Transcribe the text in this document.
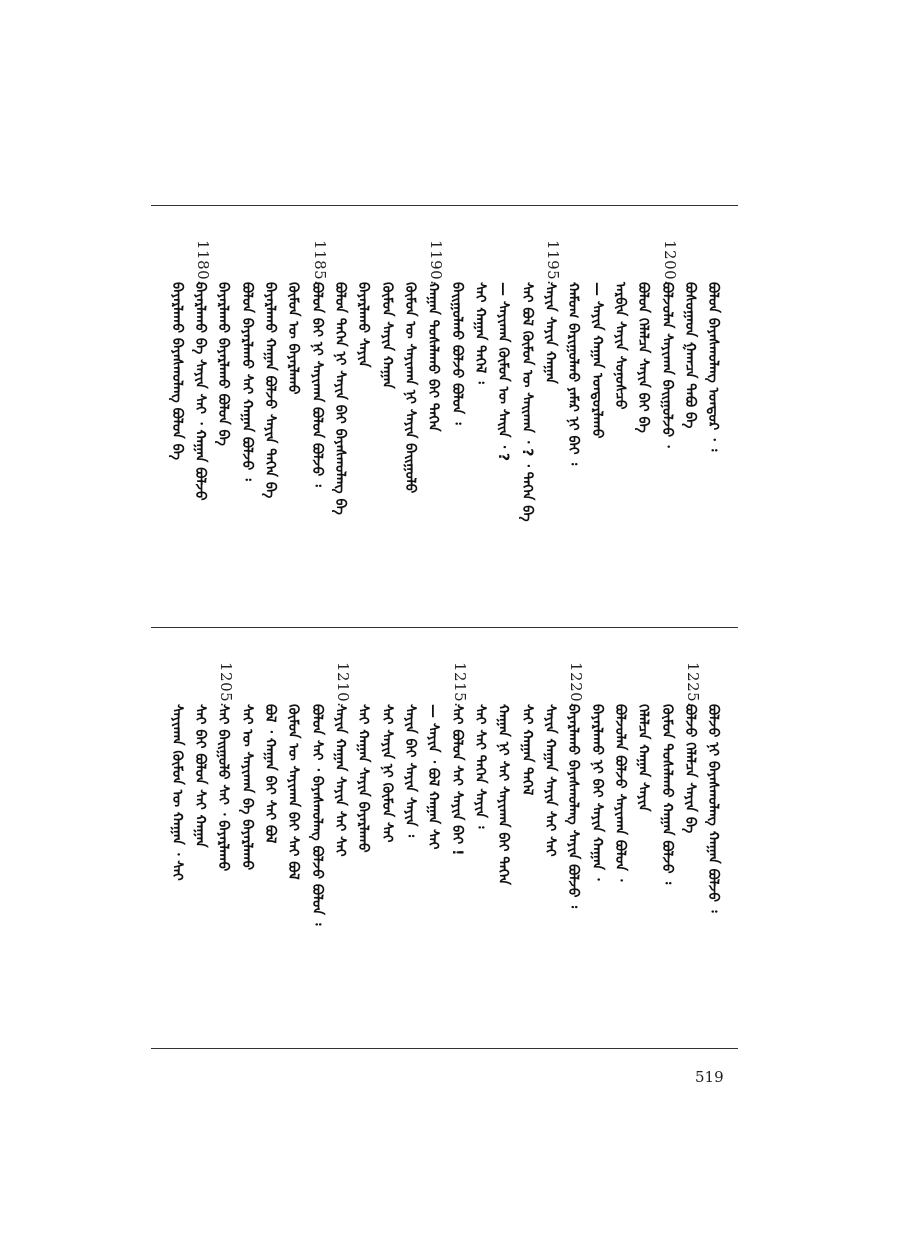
ᠪᠣᠯᠤᠨ ᠪᠠᠶᠠᠰᠬᠤᠯᠠᠩ ᠤᠨᠳᠤᠷ ᠂ ᠄
ᠪᠣᠰᠤᠭᠠᠳ ᠭᠠᠭᠴᠠ ᠲᠠᠪᠤ ᠪᠠ
1200.
ᠪᠣᠯᠵᠤᠯᠠᠨ ᠰᠠᠶᠢᠬᠠᠨ ᠪᠠᠢᠭᠤᠯᠵᠤ ᠂
ᠪᠣᠯᠤᠨ ᠬᠡᠯᠡᠯᠴᠡ ᠰᠠᠶᠢᠨ ᠪᠠᠢ ᠪᠡ
ᠠᠷᠪᠢᠨ ᠰᠠᠶᠢᠨ ᠰᠣᠨᠣᠰᠴᠤ
— ᠰᠠᠶᠢᠨ ᠬᠠᠭᠠᠨ ᠤᠨᠳᠤᠷᠯᠠᠬᠤ
ᠬᠠᠮᠤᠭ ᠪᠠᠷᠢᠭᠤᠯᠬᠤ ᠶᠠᠮᠠᠷ ᠨᠢ ᠪᠠᠢ ᠄
1195.
ᠰᠠᠶᠢᠨ ᠰᠠᠶᠢᠨ ᠬᠠᠭᠠᠨ
ᠰᠠᠢ ᠪᠣᠯ ᠬᠦᠮᠦᠨ ᠦ ᠰᠠᠢᠬᠠᠨ ᠂ ? ᠂ ᠲᠡᠭᠡᠨ ᠪᠠ
— ᠰᠠᠶᠢᠬᠠᠨ ᠬᠦᠮᠦᠨ ᠦ ᠰᠠᠢᠨ ᠂ ?
ᠰᠠᠢ ᠬᠠᠭᠠᠨ ᠲᠡᠭᠡᠯ ᠄
ᠪᠠᠢᠭᠤᠯᠬᠤ ᠪᠣᠯᠵᠤ ᠪᠣᠯᠤᠨ ᠄
1190.
ᠬᠠᠭᠠᠨ ᠲᠤᠰᠠᠯᠠᠬᠤ ᠪᠠᠢ ᠲᠡᠭᠡᠨ
ᠬᠦᠮᠦᠨ ᠦ ᠰᠠᠶᠢᠬᠠᠨ ᠨᠢ ᠰᠠᠶᠢᠨ ᠪᠠᠢᠭᠤᠯᠤ
ᠬᠦᠮᠦᠨ ᠰᠠᠶᠢᠨ ᠬᠠᠭᠠᠨ
ᠪᠠᠶᠠᠷᠯᠠᠬᠤ ᠰᠠᠶᠢᠨ
ᠪᠣᠯᠤᠨ ᠲᠡᠭᠡᠨ ᠨᠢ ᠰᠠᠶᠢᠨ ᠪᠠᠢ ᠪᠠᠶᠠᠰᠬᠤᠯᠠᠩ ᠪᠠ
1185.
ᠪᠣᠯᠤᠨ ᠪᠠᠢ ᠨᠢ ᠰᠠᠶᠢᠬᠠᠨ ᠪᠣᠯᠤᠨ ᠪᠣᠯᠵᠤ ᠄
ᠬᠦᠮᠦᠨ ᠦ ᠪᠠᠶᠠᠷᠯᠠᠬᠤ
ᠪᠠᠶᠠᠷᠯᠠᠬᠤ ᠬᠠᠭᠠᠨ ᠪᠣᠯᠵᠤ ᠰᠠᠶᠢᠨ ᠲᠡᠭᠡᠨ ᠪᠠ
ᠪᠣᠯᠤᠨ ᠪᠠᠶᠠᠷᠯᠠᠬᠤ ᠰᠠᠢ ᠬᠠᠭᠠᠨ ᠪᠣᠯᠵᠤ ᠄
ᠪᠠᠶᠠᠷᠯᠠᠬᠤ ᠪᠠᠶᠠᠷᠯᠠᠬᠤ ᠪᠣᠯᠤᠨ ᠪᠠ
1180.
ᠪᠠᠶᠠᠷᠯᠠᠬᠤ ᠪᠠ ᠰᠠᠶᠢᠨ ᠰᠠᠢ ᠂ ᠬᠠᠭᠠᠨ ᠪᠣᠯᠵᠤ
ᠪᠠᠶᠠᠷᠯᠠᠬᠤ ᠪᠠᠶᠠᠰᠬᠤᠯᠠᠩ ᠪᠣᠯᠤᠨ ᠪᠠ
ᠪᠣᠯᠵᠤ ᠨᠢ ᠪᠠᠶᠠᠰᠬᠤᠯᠠᠩ ᠬᠠᠭᠠᠨ ᠪᠣᠯᠵᠤ ᠄
1225.
ᠪᠣᠯᠵᠤ ᠬᠡᠯᠡᠯᠴᠡ ᠰᠠᠶᠢᠨ ᠪᠠ
ᠬᠦᠮᠦᠨ ᠲᠤᠰᠠᠯᠠᠬᠤ ᠬᠠᠭᠠᠨ ᠪᠣᠯᠵᠤ ᠄
ᠬᠡᠯᠡᠯᠴᠡ ᠬᠠᠭᠠᠨ ᠰᠠᠶᠢᠨ
ᠪᠣᠯᠵᠤᠯᠠᠨ ᠪᠣᠯᠵᠤ ᠰᠠᠶᠢᠬᠠᠨ ᠪᠣᠯᠤᠨ ᠂
ᠪᠠᠶᠠᠷᠯᠠᠬᠤ ᠨᠢ ᠪᠠᠢ ᠰᠠᠶᠢᠨ ᠬᠠᠭᠠᠨ ᠂
1220.
ᠪᠠᠶᠠᠷᠯᠠᠬᠤ ᠪᠠᠶᠠᠰᠬᠤᠯᠠᠩ ᠰᠠᠶᠢᠨ ᠪᠣᠯᠵᠤ ᠄
ᠰᠠᠶᠢᠨ ᠬᠠᠭᠠᠨ ᠰᠠᠶᠢᠨ ᠰᠠᠢ ᠰᠠᠢ
ᠰᠠᠢ ᠬᠠᠭᠠᠨ ᠲᠡᠭᠡᠯ
ᠬᠠᠭᠠᠨ ᠨᠢ ᠰᠠᠢ ᠰᠠᠶᠢᠬᠠᠨ ᠪᠠᠢ ᠲᠡᠭᠡᠨ
ᠰᠠᠢ ᠰᠠᠢ ᠲᠡᠭᠡᠨ ᠰᠠᠶᠢᠨ ᠄
1215.
ᠰᠠᠢ ᠪᠣᠯᠤᠨ ᠰᠠᠢ ᠰᠠᠶᠢᠨ ᠪᠠᠢ !
— ᠰᠠᠶᠢᠨ ᠂ ᠪᠣᠯ ᠬᠠᠭᠠᠨ ᠰᠠᠢ
ᠰᠠᠶᠢᠨ ᠪᠠᠢ ᠰᠠᠶᠢᠨ ᠰᠠᠶᠢᠨ ᠄
ᠰᠠᠢ ᠰᠠᠶᠢᠨ ᠨᠢ ᠬᠦᠮᠦᠨ ᠰᠠᠢ
ᠰᠠᠢ ᠬᠠᠭᠠᠨ ᠰᠠᠶᠢᠨ ᠪᠠᠶᠠᠷᠯᠠᠬᠤ
1210.
ᠰᠠᠶᠢᠨ ᠬᠠᠭᠠᠨ ᠰᠠᠶᠢᠨ ᠰᠠᠢ ᠰᠠᠢ
ᠪᠣᠯᠤᠨ ᠰᠠᠢ ᠂ ᠪᠠᠶᠠᠰᠬᠤᠯᠠᠩ ᠪᠣᠯᠵᠤ ᠪᠣᠯᠤᠨ ᠄
ᠬᠦᠮᠦᠨ ᠦ ᠰᠠᠶᠢᠬᠠᠨ ᠪᠠᠢ ᠰᠠᠢ ᠪᠣᠯ
ᠪᠣᠯ ᠂ ᠬᠠᠭᠠᠨ ᠪᠠᠢ ᠰᠠᠢ ᠪᠣᠯ
ᠰᠠᠢ ᠦ ᠰᠠᠶᠢᠬᠠᠨ ᠪᠠ ᠪᠠᠶᠠᠷᠯᠠᠬᠤ
1205.
ᠰᠠᠢ ᠪᠠᠢᠭᠤᠯᠤ ᠰᠠᠢ ᠂ ᠪᠠᠶᠠᠷᠯᠠᠬᠤ
ᠰᠠᠢ ᠪᠠᠢ ᠪᠣᠯᠤᠨ ᠰᠠᠢ ᠬᠠᠭᠠᠨ
ᠰᠠᠶᠢᠬᠠᠨ ᠬᠦᠮᠦᠨ ᠦ ᠬᠠᠭᠠᠨ ᠂ ᠰᠠᠢ
519
